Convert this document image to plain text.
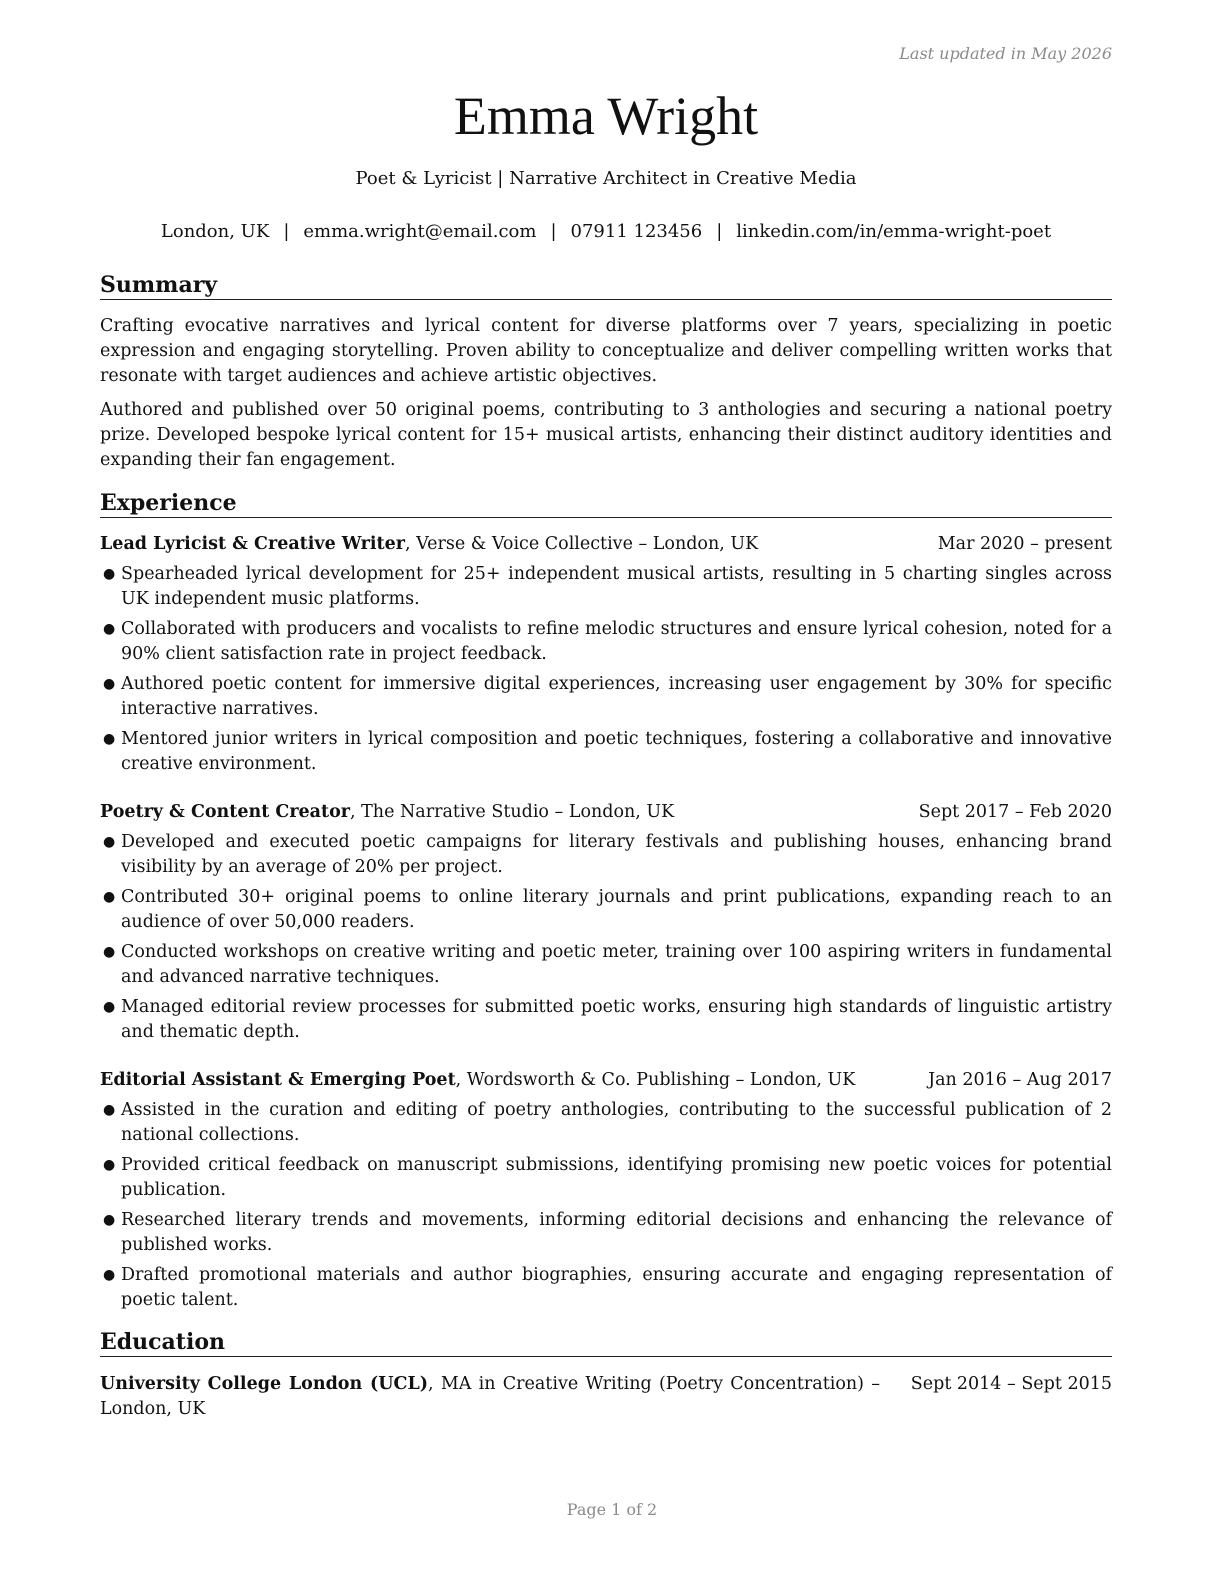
Last updated in May 2026
Emma Wright
Poet & Lyricist | Narrative Architect in Creative Media
London, UK | emma.wright@email.com | 07911 123456 | linkedin.com/in/emma-wright-poet
Summary

Crafting evocative narratives and lyrical content for diverse platforms over 7 years, specializing in poetic expression and engaging storytelling. Proven ability to conceptualize and deliver compelling written works that resonate with target audiences and achieve artistic objectives.

Authored and published over 50 original poems, contributing to 3 anthologies and securing a national poetry prize. Developed bespoke lyrical content for 15+ musical artists, enhancing their distinct auditory identities and expanding their fan engagement.

Experience
Lead Lyricist & Creative Writer, Verse & Voice Collective – London, UK	Mar 2020 – present
● Spearheaded lyrical development for 25+ independent musical artists, resulting in 5 charting singles across UK independent music platforms.
● Collaborated with producers and vocalists to refine melodic structures and ensure lyrical cohesion, noted for a 90% client satisfaction rate in project feedback.
● Authored poetic content for immersive digital experiences, increasing user engagement by 30% for specific interactive narratives.
● Mentored junior writers in lyrical composition and poetic techniques, fostering a collaborative and innovative creative environment.
Poetry & Content Creator, The Narrative Studio – London, UK	Sept 2017 – Feb 2020
● Developed and executed poetic campaigns for literary festivals and publishing houses, enhancing brand visibility by an average of 20% per project.
● Contributed 30+ original poems to online literary journals and print publications, expanding reach to an audience of over 50,000 readers.
● Conducted workshops on creative writing and poetic meter, training over 100 aspiring writers in fundamental and advanced narrative techniques.
● Managed editorial review processes for submitted poetic works, ensuring high standards of linguistic artistry and thematic depth.
Editorial Assistant & Emerging Poet, Wordsworth & Co. Publishing – London, UK	Jan 2016 – Aug 2017
● Assisted in the curation and editing of poetry anthologies, contributing to the successful publication of 2 national collections.
● Provided critical feedback on manuscript submissions, identifying promising new poetic voices for potential publication.
● Researched literary trends and movements, informing editorial decisions and enhancing the relevance of published works.
● Drafted promotional materials and author biographies, ensuring accurate and engaging representation of poetic talent.
Education
University College London (UCL), MA in Creative Writing (Poetry Concentration) – London, UK
Sept 2014 – Sept 2015
Page 1 of 2
